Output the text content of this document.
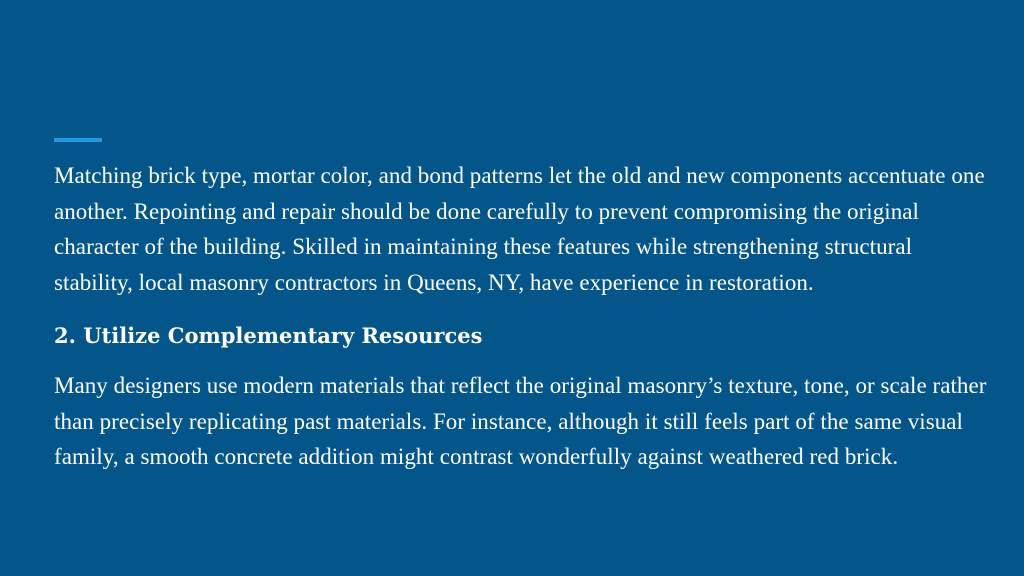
Matching brick type, mortar color, and bond patterns let the old and new components accentuate one another. Repointing and repair should be done carefully to prevent compromising the original character of the building. Skilled in maintaining these features while strengthening structural stability, local masonry contractors in Queens, NY, have experience in restoration.

2. Utilize Complementary Resources

Many designers use modern materials that reflect the original masonry’s texture, tone, or scale rather than precisely replicating past materials. For instance, although it still feels part of the same visual family, a smooth concrete addition might contrast wonderfully against weathered red brick.
